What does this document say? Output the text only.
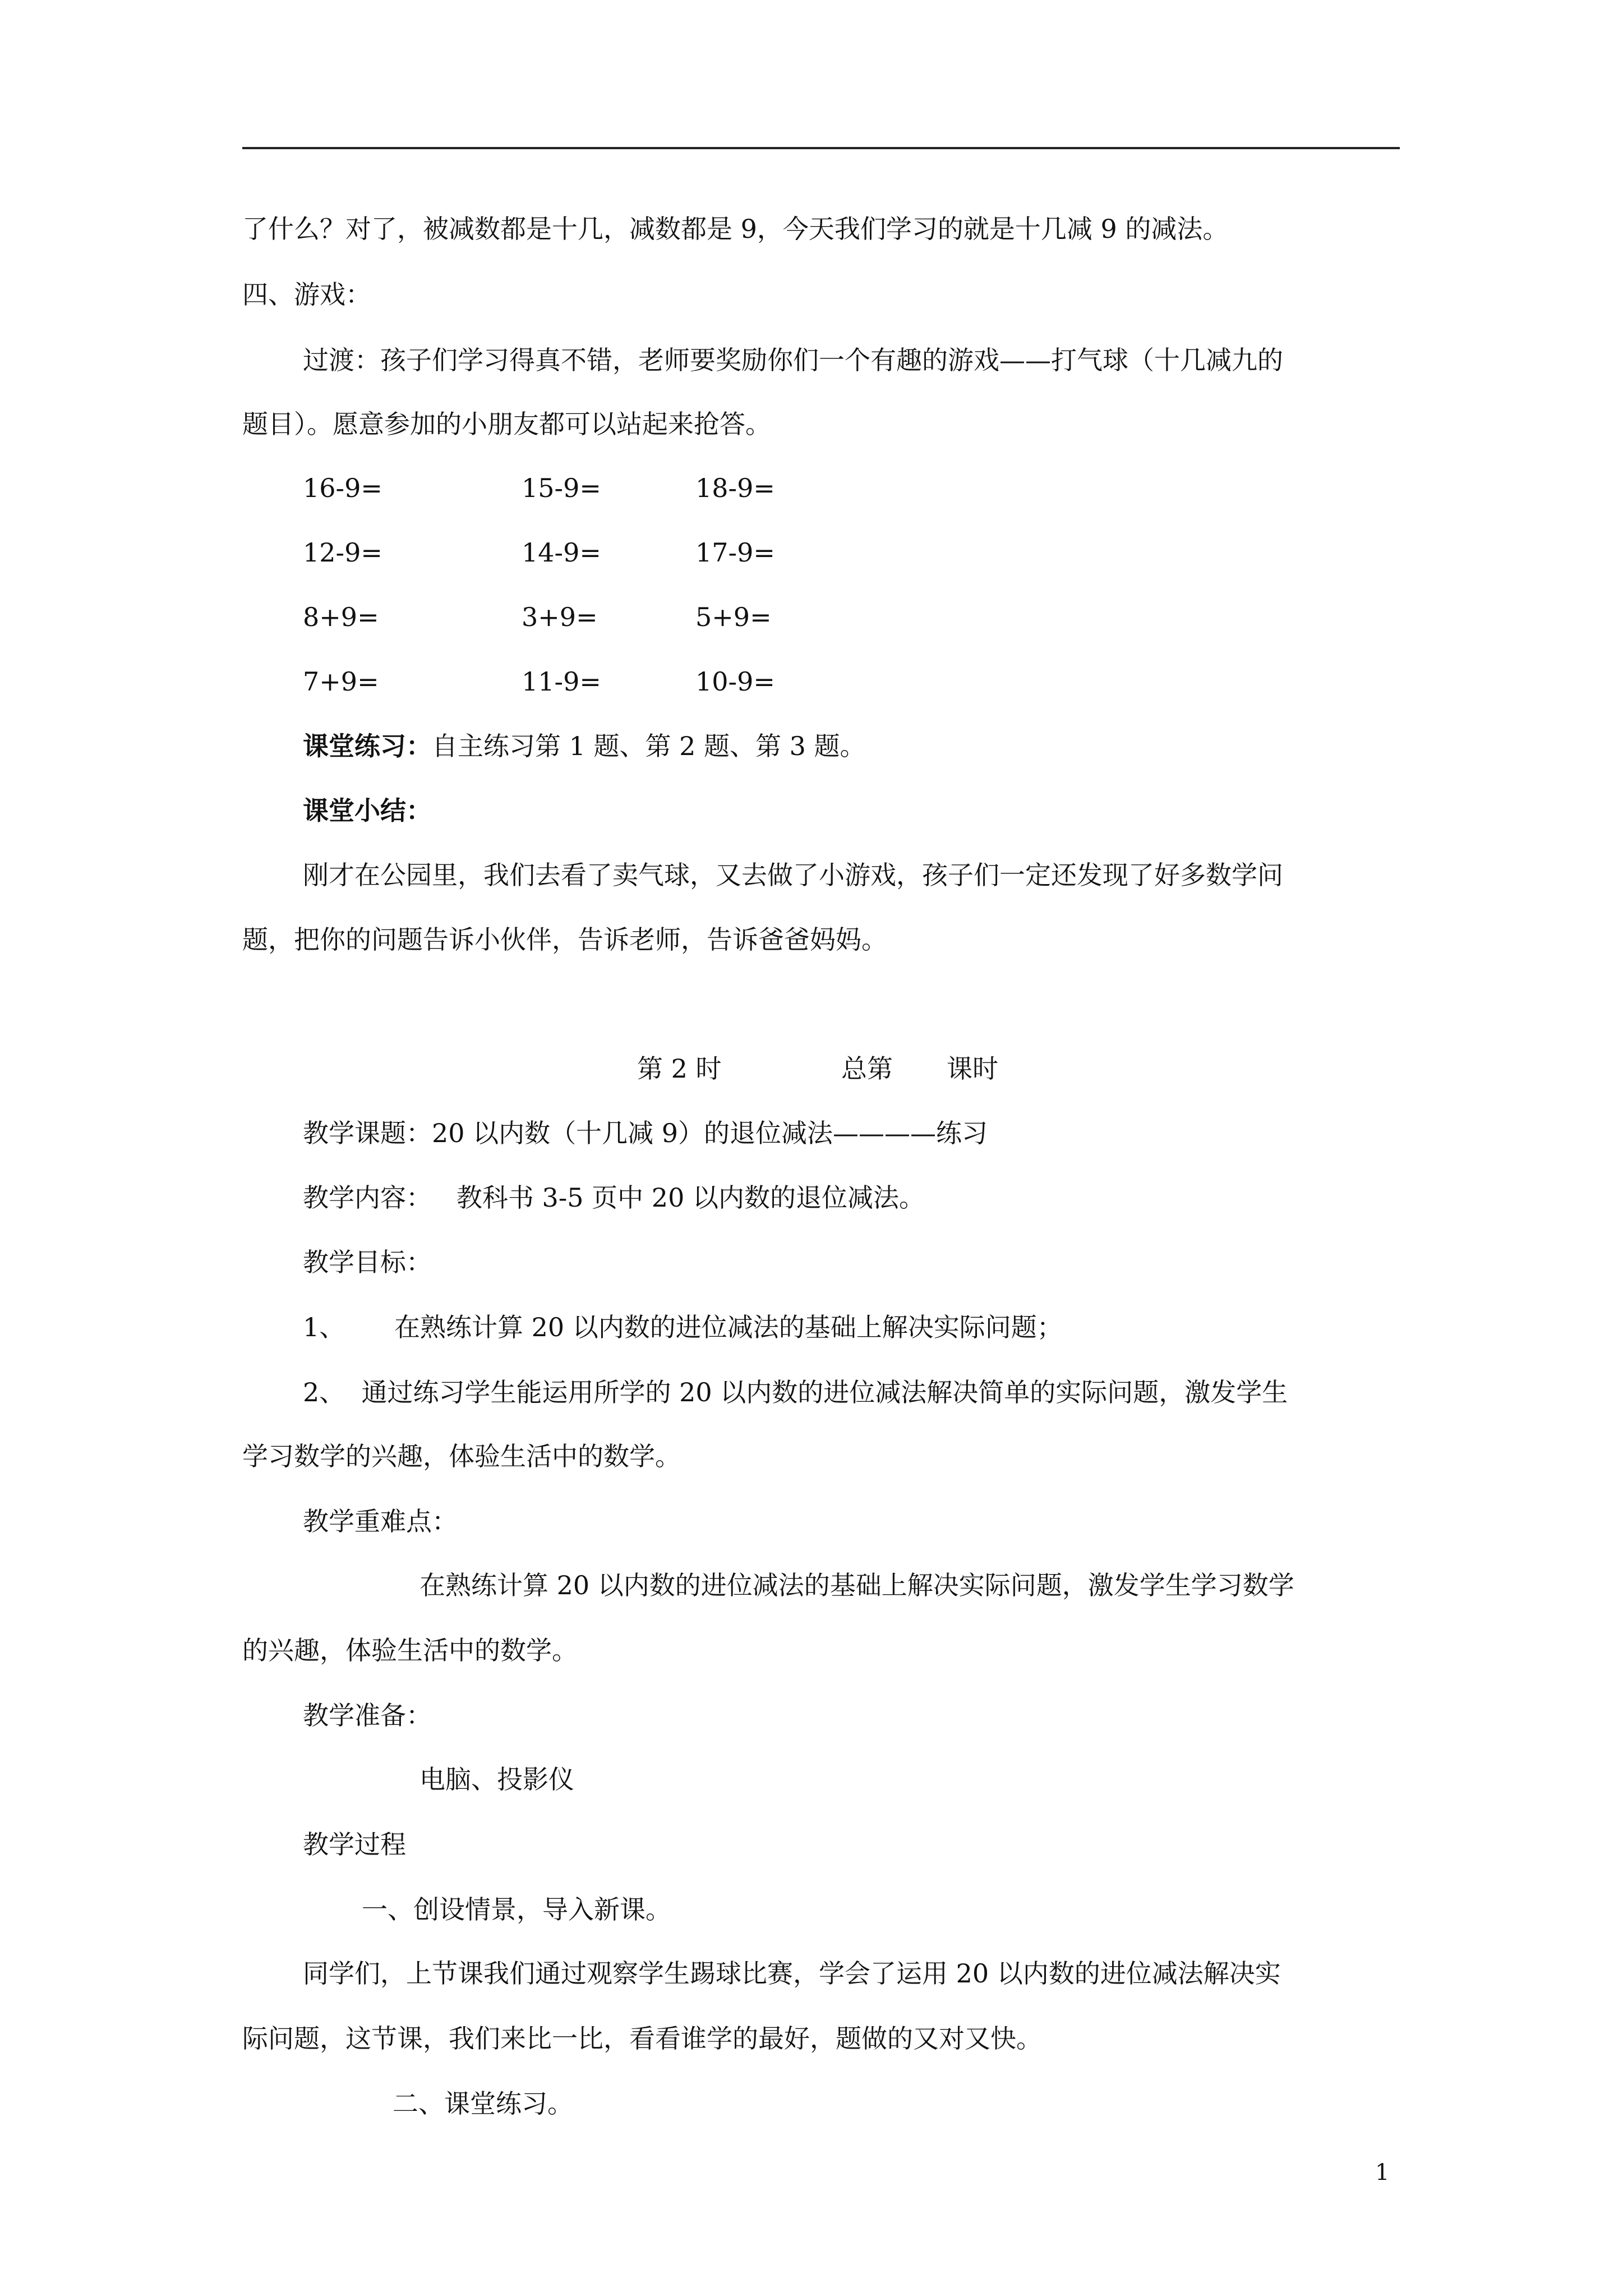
了什么？对了，被减数都是十几，减数都是 9，今天我们学习的就是十几减 9 的减法。
四、游戏：
过渡：孩子们学习得真不错，老师要奖励你们一个有趣的游戏——打气球（十几减九的
题目）。愿意参加的小朋友都可以站起来抢答。
16-9=	15-9=	18-9=
12-9=	14-9=	17-9=
8+9=	3+9=	5+9=
7+9=	11-9=	10-9=
课堂练习：自主练习第 1 题、第 2 题、第 3 题。
课堂小结：
刚才在公园里，我们去看了卖气球，又去做了小游戏，孩子们一定还发现了好多数学问
题，把你的问题告诉小伙伴，告诉老师，告诉爸爸妈妈。
第 2 时	总第 课时
教学课题：20 以内数（十几减 9）的退位减法————练习
教学内容：   教科书 3-5 页中 20 以内数的退位减法。
教学目标：
1、      在熟练计算 20 以内数的进位减法的基础上解决实际问题；
2、  通过练习学生能运用所学的 20 以内数的进位减法解决简单的实际问题，激发学生
学习数学的兴趣，体验生活中的数学。
教学重难点：
在熟练计算 20 以内数的进位减法的基础上解决实际问题，激发学生学习数学
的兴趣，体验生活中的数学。
教学准备：
电脑、投影仪
教学过程
一、创设情景，导入新课。
同学们，上节课我们通过观察学生踢球比赛，学会了运用 20 以内数的进位减法解决实
际问题，这节课，我们来比一比，看看谁学的最好，题做的又对又快。
二、课堂练习。
1
